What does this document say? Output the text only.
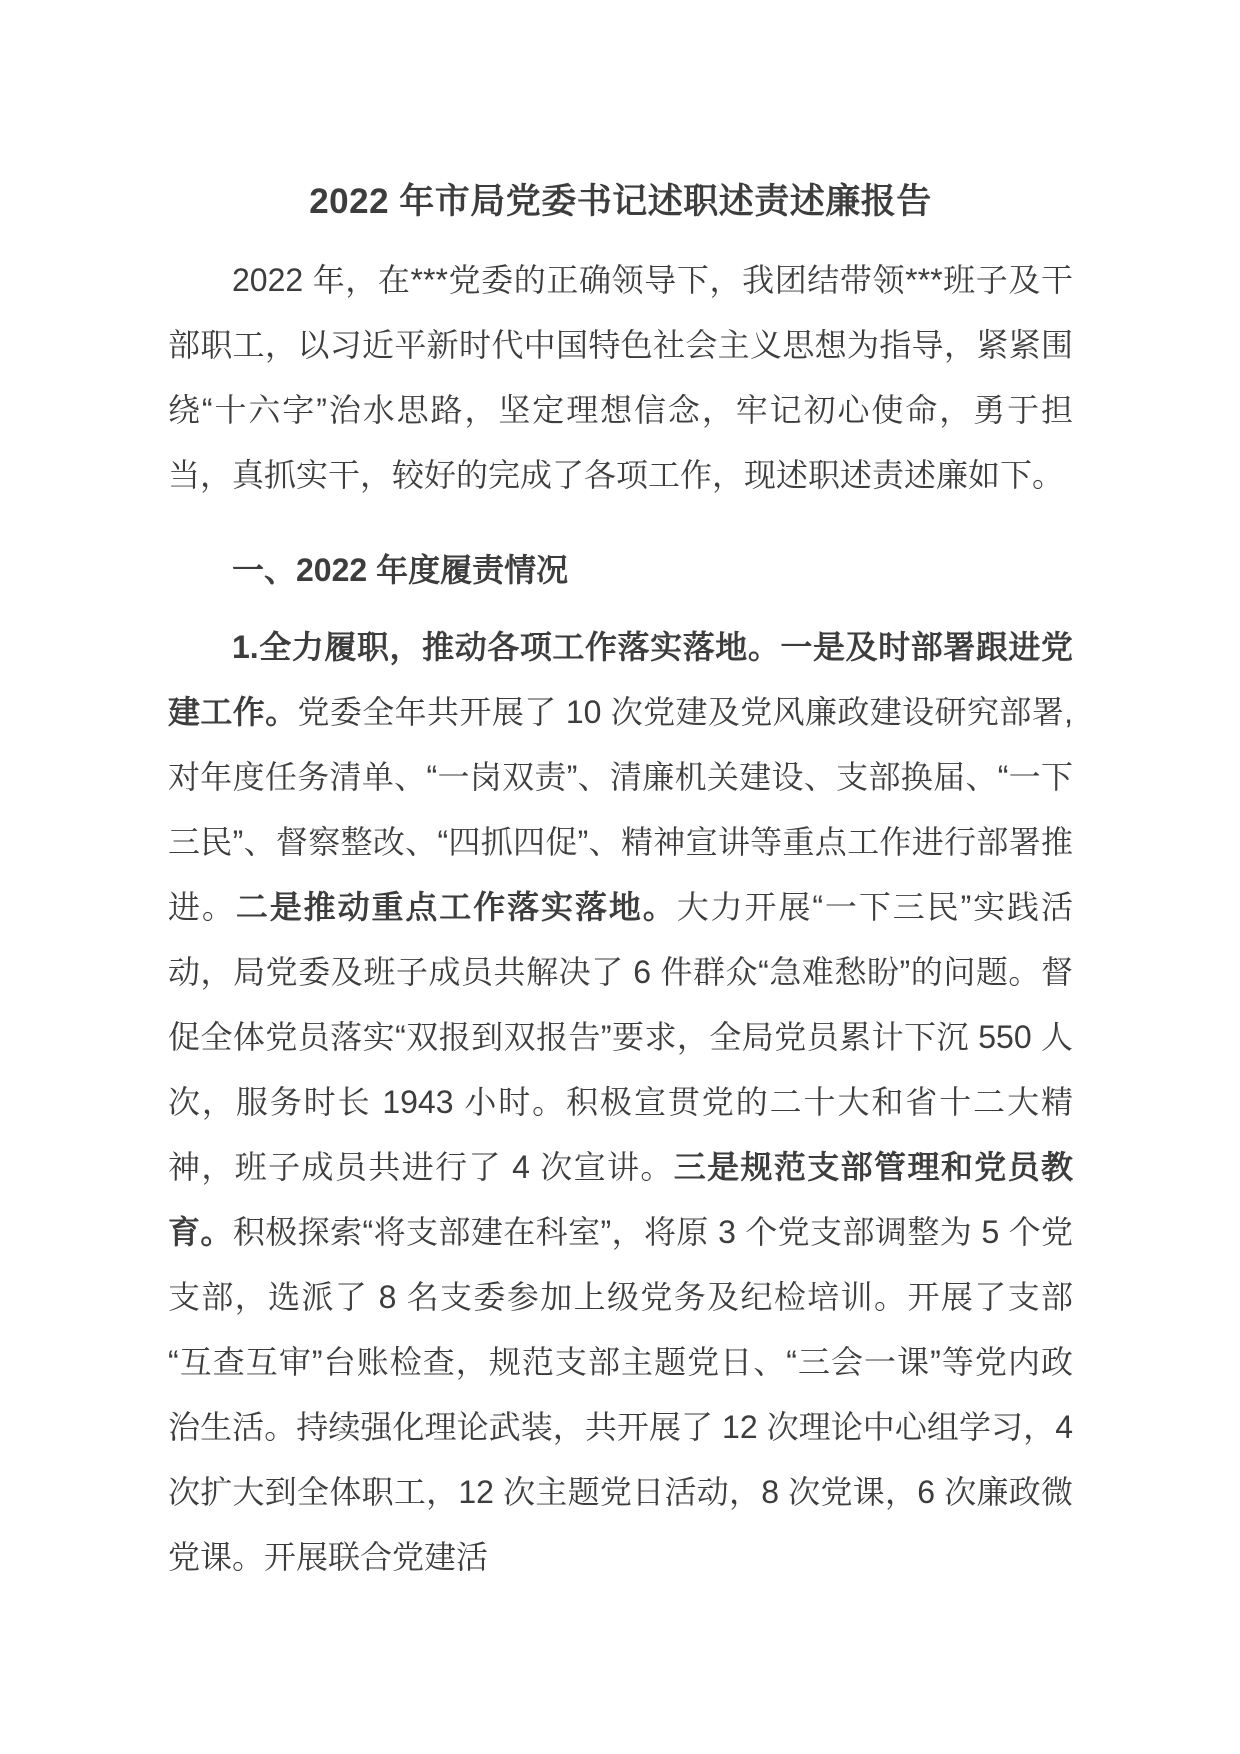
2022 年市局党委书记述职述责述廉报告

2022 年，在***党委的正确领导下，我团结带领***班子及干部职工，以习近平新时代中国特色社会主义思想为指导，紧紧围绕“十六字”治水思路，坚定理想信念，牢记初心使命，勇于担当，真抓实干，较好的完成了各项工作，现述职述责述廉如下。

一、2022 年度履责情况

1.全力履职，推动各项工作落实落地。一是及时部署跟进党建工作。党委全年共开展了 10 次党建及党风廉政建设研究部署,对年度任务清单、“一岗双责”、清廉机关建设、支部换届、“一下三民”、督察整改、“四抓四促”、精神宣讲等重点工作进行部署推进。二是推动重点工作落实落地。大力开展“一下三民”实践活动，局党委及班子成员共解决了 6 件群众“急难愁盼”的问题。督促全体党员落实“双报到双报告”要求，全局党员累计下沉 550 人次，服务时长 1943 小时。积极宣贯党的二十大和省十二大精神，班子成员共进行了 4 次宣讲。三是规范支部管理和党员教育。积极探索“将支部建在科室”，将原 3 个党支部调整为 5 个党支部，选派了 8 名支委参加上级党务及纪检培训。开展了支部“互查互审”台账检查，规范支部主题党日、“三会一课”等党内政治生活。持续强化理论武装，共开展了 12 次理论中心组学习，4 次扩大到全体职工，12 次主题党日活动，8 次党课，6 次廉政微党课。开展联合党建活
